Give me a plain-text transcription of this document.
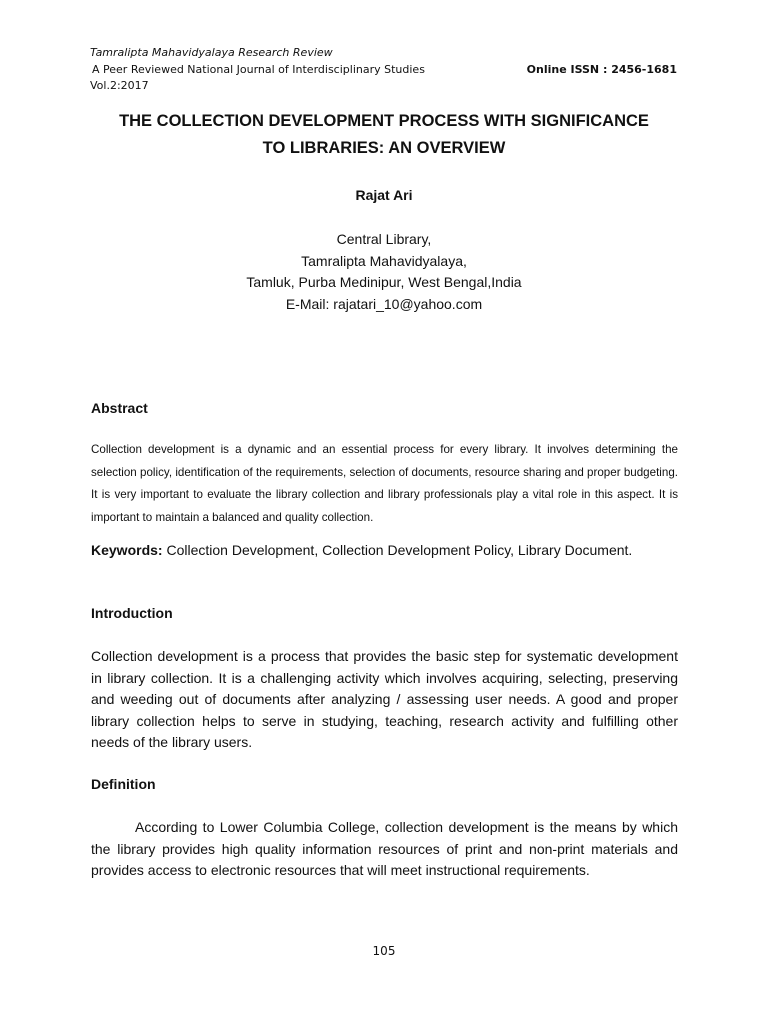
Tamralipta Mahavidyalaya Research Review
A Peer Reviewed National Journal of Interdisciplinary Studies
Vol.2:2017
Online ISSN : 2456-1681
THE COLLECTION DEVELOPMENT PROCESS WITH SIGNIFICANCE
TO LIBRARIES: AN OVERVIEW
Rajat Ari
Central Library,
Tamralipta Mahavidyalaya,
Tamluk, Purba Medinipur, West Bengal,India
E-Mail: rajatari_10@yahoo.com
Abstract
Collection development is a dynamic and an essential process for every library. It involves determining the selection policy, identification of the requirements, selection of documents, resource sharing and proper budgeting. It is very important to evaluate the library collection and library professionals play a vital role in this aspect. It is important to maintain a balanced and quality collection.
Keywords: Collection Development, Collection Development Policy, Library Document.
Introduction
Collection development is a process that provides the basic step for systematic development in library collection. It is a challenging activity which involves acquiring, selecting, preserving and weeding out of documents after analyzing / assessing user needs. A good and proper library collection helps to serve in studying, teaching, research activity and fulfilling other needs of the library users.
Definition
According to Lower Columbia College, collection development is the means by which the library provides high quality information resources of print and non-print materials and provides access to electronic resources that will meet instructional requirements.
105
